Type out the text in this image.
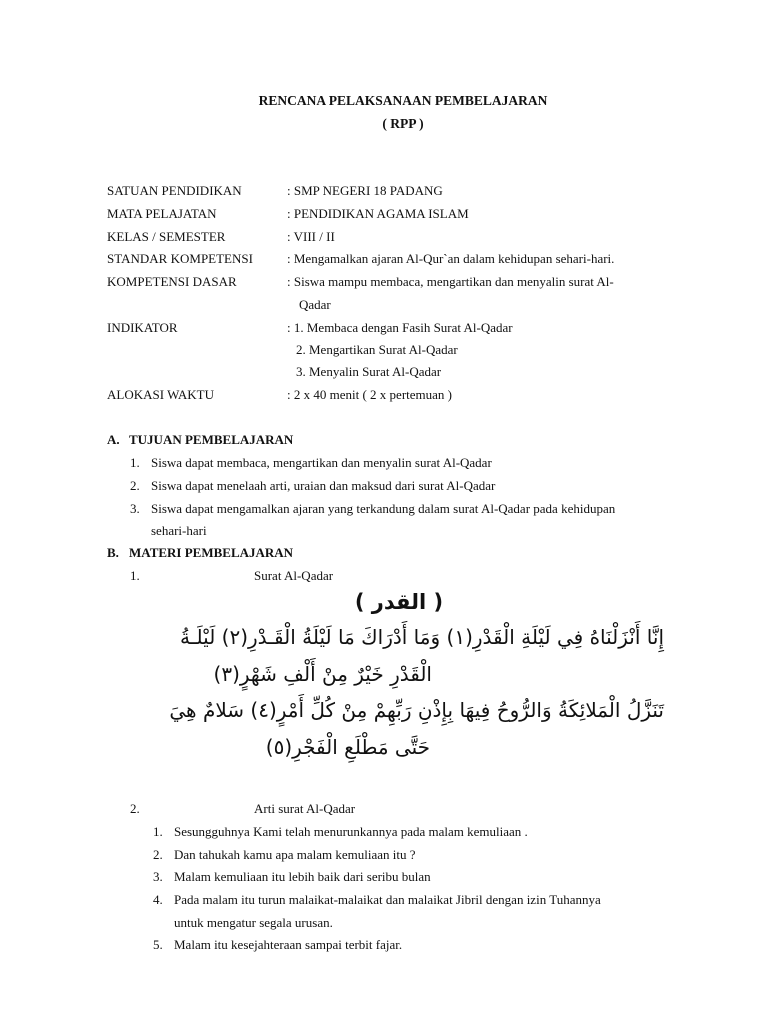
RENCANA PELAKSANAAN PEMBELAJARAN
( RPP )
SATUAN PENDIDIKAN	: SMP NEGERI 18 PADANG
MATA PELAJATAN	: PENDIDIKAN AGAMA ISLAM
KELAS / SEMESTER	: VIII / II
STANDAR KOMPETENSI	: Mengamalkan ajaran Al-Qur`an dalam kehidupan sehari-hari.
KOMPETENSI DASAR	: Siswa mampu membaca, mengartikan dan menyalin surat Al-
Qadar
INDIKATOR	: 1. Membaca dengan Fasih Surat Al-Qadar
2. Mengartikan Surat Al-Qadar
3. Menyalin Surat Al-Qadar
ALOKASI WAKTU	: 2 x 40 menit ( 2 x pertemuan )
A. TUJUAN PEMBELAJARAN
1. Siswa dapat membaca, mengartikan dan menyalin surat Al-Qadar
2. Siswa dapat menelaah arti, uraian dan maksud dari surat Al-Qadar
3. Siswa dapat mengamalkan ajaran yang terkandung dalam surat Al-Qadar pada kehidupan
sehari-hari
B. MATERI PEMBELAJARAN
1.	Surat Al-Qadar
( القدر )
إِنَّا أَنْزَلْنَاهُ فِي لَيْلَةِ الْقَدْرِ(١) وَمَا أَدْرَاكَ مَا لَيْلَةُ الْقَـدْرِ(٢) لَيْلَـةُ
الْقَدْرِ خَيْرٌ مِنْ أَلْفِ شَهْرٍ(٣)
تَنَزَّلُ الْمَلائِكَةُ وَالرُّوحُ فِيهَا بِإِذْنِ رَبِّهِمْ مِنْ كُلِّ أَمْرٍ(٤) سَلامٌ هِيَ
حَتَّى مَطْلَعِ الْفَجْرِ(٥)
2.	Arti surat Al-Qadar
1. Sesungguhnya Kami telah menurunkannya pada malam kemuliaan .
2. Dan tahukah kamu apa malam kemuliaan itu ?
3. Malam kemuliaan itu lebih baik dari seribu bulan
4. Pada malam itu turun malaikat-malaikat dan malaikat Jibril dengan izin Tuhannya
untuk mengatur segala urusan.
5. Malam itu kesejahteraan sampai terbit fajar.
